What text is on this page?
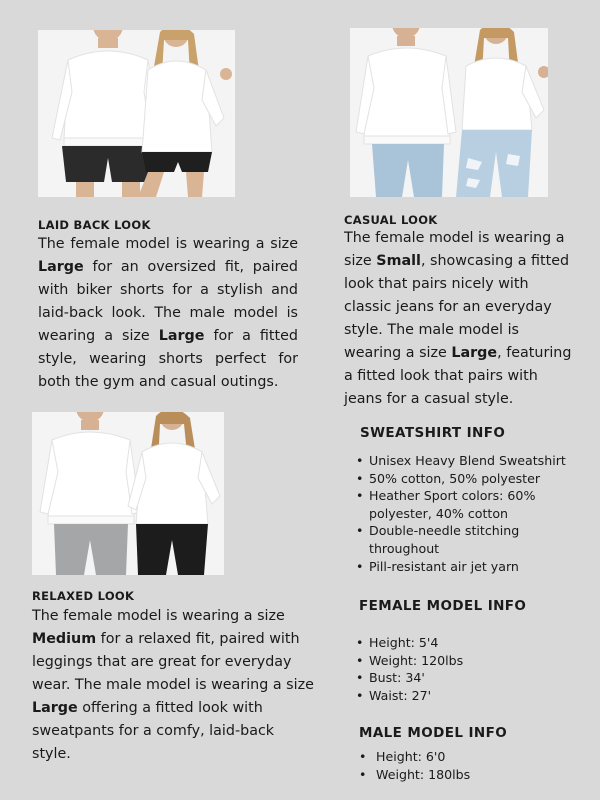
LAID BACK LOOK

The female model is wearing a size Large for an oversized fit, paired with biker shorts for a stylish and laid-back look. The male model is wearing a size Large for a fitted style, wearing shorts perfect for both the gym and casual outings.

CASUAL LOOK

The female model is wearing a size Small, showcasing a fitted look that pairs nicely with classic jeans for an everyday style. The male model is wearing a size Large, featuring a fitted look that pairs with jeans for a casual style.

RELAXED LOOK

The female model is wearing a size Medium for a relaxed fit, paired with leggings that are great for everyday wear. The male model is wearing a size Large offering a fitted look with sweatpants for a comfy, laid-back style.

SWEATSHIRT INFO

• Unisex Heavy Blend Sweatshirt
• 50% cotton, 50% polyester
• Heather Sport colors: 60% polyester, 40% cotton
• Double-needle stitching throughout
• Pill-resistant air jet yarn

FEMALE MODEL INFO

• Height: 5'4
• Weight: 120lbs
• Bust: 34'
• Waist: 27'

MALE MODEL INFO

• Height: 6'0
• Weight: 180lbs
